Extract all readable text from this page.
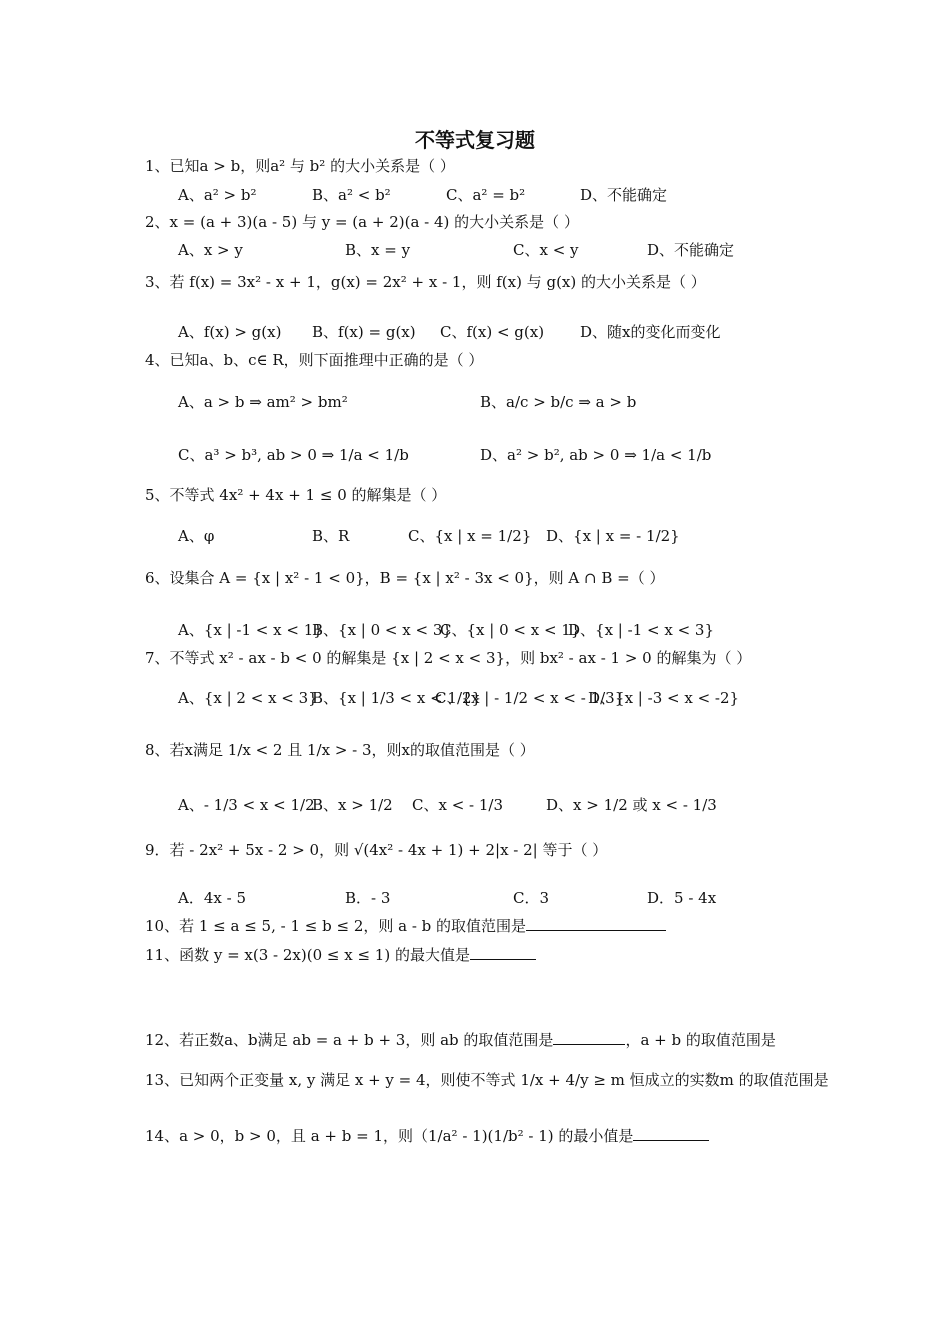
不等式复习题
1、已知a > b，则a² 与 b² 的大小关系是（ ）
A、a² > b²	B、a² < b²	C、a² = b²	D、不能确定
2、x = (a + 3)(a - 5) 与 y = (a + 2)(a - 4) 的大小关系是（ ）
A、x > y	B、x = y	C、x < y	D、不能确定
3、若 f(x) = 3x² - x + 1，g(x) = 2x² + x - 1，则 f(x) 与 g(x) 的大小关系是（ ）
A、f(x) > g(x) B、f(x) = g(x) C、f(x) < g(x) D、随x的变化而变化
4、已知a、b、c∈ R，则下面推理中正确的是（ ）
A、a > b ⇒ am² > bm²	B、a/c > b/c ⇒ a > b
C、a³ > b³, ab > 0 ⇒ 1/a < 1/b	D、a² > b², ab > 0 ⇒ 1/a < 1/b
5、不等式 4x² + 4x + 1 ≤ 0 的解集是（ ）
A、φ	B、R	C、{x | x = 1/2} D、{x | x = - 1/2}
6、设集合 A = {x | x² - 1 < 0}，B = {x | x² - 3x < 0}，则 A ∩ B =（ ）
A、{x | -1 < x < 1}
B、{x | 0 < x < 3}
C、{x | 0 < x < 1}
D、{x | -1 < x < 3}
7、不等式 x² - ax - b < 0 的解集是 {x | 2 < x < 3}，则 bx² - ax - 1 > 0 的解集为（ ）
A、{x | 2 < x < 3}
B、{x | 1/3 < x < 1/2}
C、{x | - 1/2 < x < - 1/3}
D、{x | -3 < x < -2}
8、若x满足 1/x < 2 且 1/x > - 3，则x的取值范围是（ ）
A、- 1/3 < x < 1/2
B、x > 1/2 C、x < - 1/3	D、x > 1/2 或 x < - 1/3
9．若 - 2x² + 5x - 2 > 0，则 √(4x² - 4x + 1) + 2|x - 2| 等于（ ）
A．4x - 5	B．- 3	C．3	D．5 - 4x
10、若 1 ≤ a ≤ 5, - 1 ≤ b ≤ 2，则 a - b 的取值范围是
11、函数 y = x(3 - 2x)(0 ≤ x ≤ 1) 的最大值是
12、若正数a、b满足 ab = a + b + 3，则 ab 的取值范围是	，a + b 的取值范围是
13、已知两个正变量 x, y 满足 x + y = 4，则使不等式 1/x + 4/y ≥ m 恒成立的实数m 的取值范围是
14、a > 0，b > 0，且 a + b = 1，则（1/a² - 1)(1/b² - 1) 的最小值是
